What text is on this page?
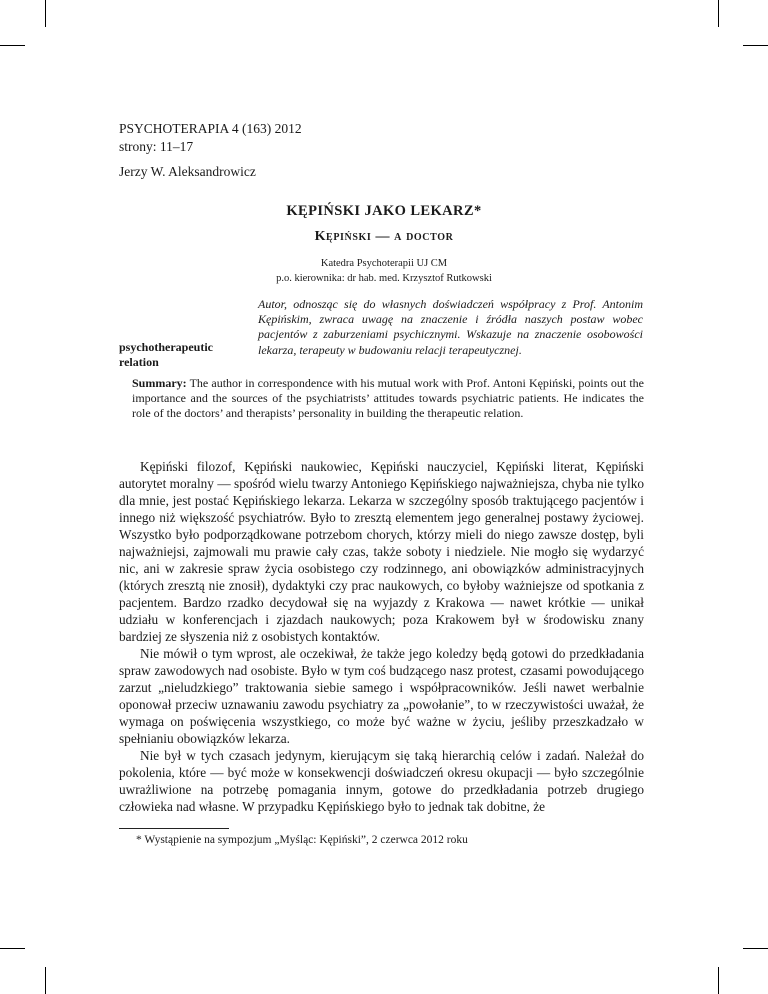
PSYCHOTERAPIA 4 (163) 2012
strony: 11–17
Jerzy W. Aleksandrowicz
KĘPIŃSKI JAKO LEKARZ*
Kępiński — a doctor
Katedra Psychoterapii UJ CM
p.o. kierownika: dr hab. med. Krzysztof Rutkowski
psychotherapeutic
relation
Autor, odnosząc się do własnych doświadczeń współpracy z Prof. Antonim Kępińskim, zwraca uwagę na znaczenie i źródła naszych postaw wobec pacjentów z zaburzeniami psychicznymi. Wskazuje na znaczenie osobowości lekarza, terapeuty w budowaniu relacji terapeutycznej.
Summary: The author in correspondence with his mutual work with Prof. Antoni Kępiński, points out the importance and the sources of the psychiatrists’ attitudes towards psychiatric patients. He indicates the role of the doctors’ and therapists’ personality in building the therapeutic relation.

Kępiński filozof, Kępiński naukowiec, Kępiński nauczyciel, Kępiński literat, Kępiński autorytet moralny — spośród wielu twarzy Antoniego Kępińskiego najważniejsza, chyba nie tylko dla mnie, jest postać Kępińskiego lekarza. Lekarza w szczególny sposób traktującego pacjentów i innego niż większość psychiatrów. Było to zresztą elementem jego generalnej postawy życiowej. Wszystko było podporządkowane potrzebom chorych, którzy mieli do niego zawsze dostęp, byli najważniejsi, zajmowali mu prawie cały czas, także soboty i niedziele. Nie mogło się wydarzyć nic, ani w zakresie spraw życia osobistego czy rodzinnego, ani obowiązków administracyjnych (których zresztą nie znosił), dydaktyki czy prac naukowych, co byłoby ważniejsze od spotkania z pacjentem. Bardzo rzadko decydował się na wyjazdy z Krakowa — nawet krótkie — unikał udziału w konferencjach i zjazdach naukowych; poza Krakowem był w środowisku znany bardziej ze słyszenia niż z osobistych kontaktów.

Nie mówił o tym wprost, ale oczekiwał, że także jego koledzy będą gotowi do przedkładania spraw zawodowych nad osobiste. Było w tym coś budzącego nasz protest, czasami powodującego zarzut „nieludzkiego” traktowania siebie samego i współpracowników. Jeśli nawet werbalnie oponował przeciw uznawaniu zawodu psychiatry za „powołanie”, to w rzeczywistości uważał, że wymaga on poświęcenia wszystkiego, co może być ważne w życiu, jeśliby przeszkadzało w spełnianiu obowiązków lekarza.

Nie był w tych czasach jedynym, kierującym się taką hierarchią celów i zadań. Należał do pokolenia, które — być może w konsekwencji doświadczeń okresu okupacji — było szczególnie uwrażliwione na potrzebę pomagania innym, gotowe do przedkładania potrzeb drugiego człowieka nad własne. W przypadku Kępińskiego było to jednak tak dobitne, że

* Wystąpienie na sympozjum „Myśląc: Kępiński”, 2 czerwca 2012 roku
